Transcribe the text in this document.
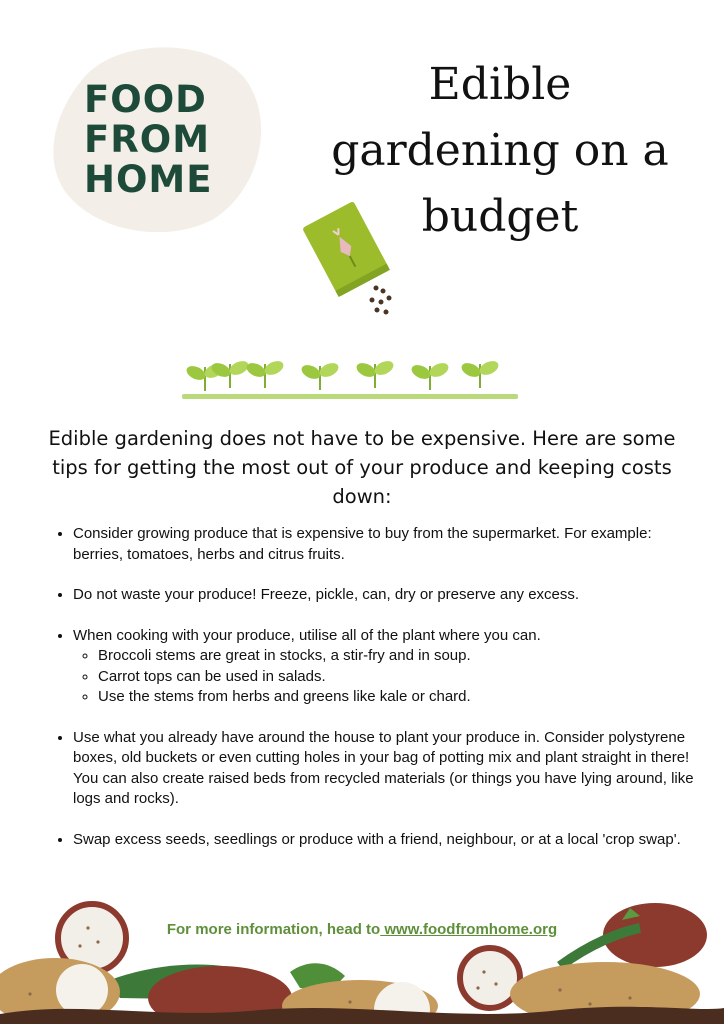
FOOD
FROM
HOME
Edible
gardening on a
budget

Edible gardening does not have to be expensive. Here are some tips for getting the most out of your produce and keeping costs down:

• Consider growing produce that is expensive to buy from the supermarket. For example: berries, tomatoes, herbs and citrus fruits.
• Do not waste your produce! Freeze, pickle, can, dry or preserve any excess.
• When cooking with your produce, utilise all of the plant where you can.
◦ Broccoli stems are great in stocks, a stir-fry and in soup.
◦ Carrot tops can be used in salads.
◦ Use the stems from herbs and greens like kale or chard.
• Use what you already have around the house to plant your produce in. Consider polystyrene boxes, old buckets or even cutting holes in your bag of potting mix and plant straight in there! You can also create raised beds from recycled materials (or things you have lying around, like logs and rocks).
• Swap excess seeds, seedlings or produce with a friend, neighbour, or at a local 'crop swap'.
For more information, head to www.foodfromhome.org
